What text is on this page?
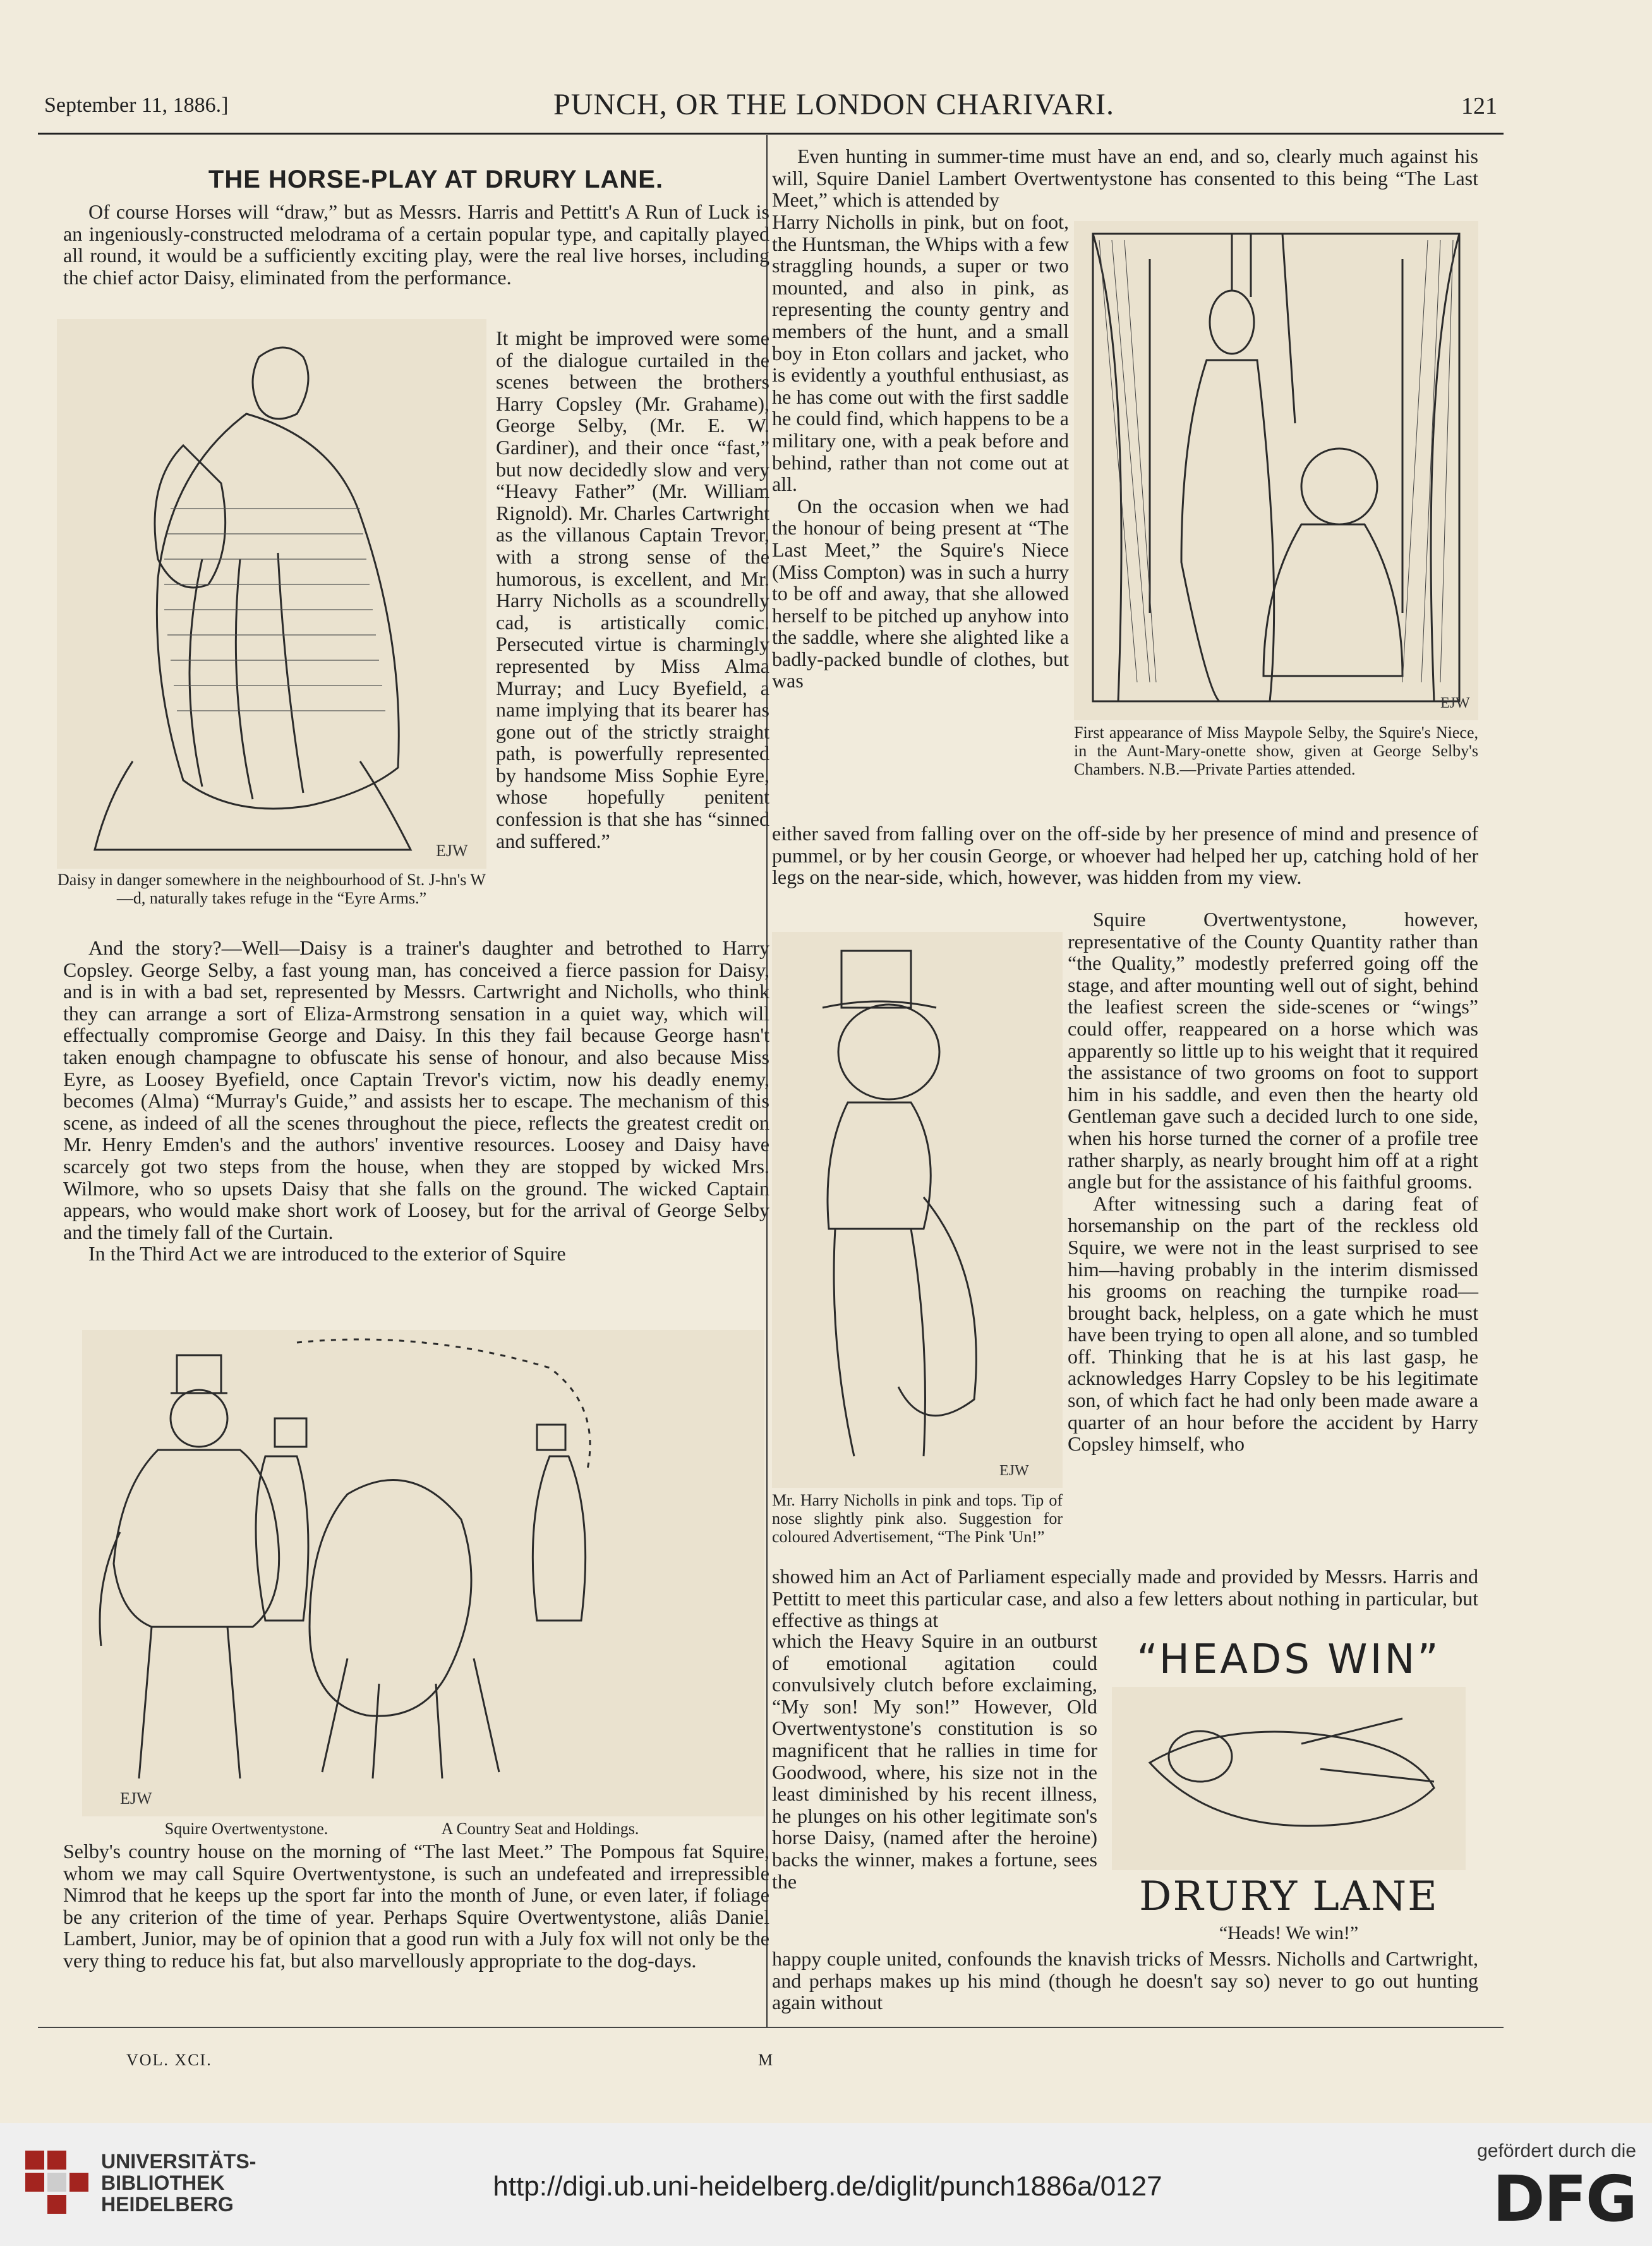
September 11, 1886.]	PUNCH, OR THE LONDON CHARIVARI.	121
THE HORSE-PLAY AT DRURY LANE.

Of course Horses will “draw,” but as Messrs. Harris and Pettitt's A Run of Luck is an ingeniously-constructed melodrama of a certain popular type, and capitally played all round, it would be a sufficiently exciting play, were the real live horses, including the chief actor Daisy, eliminated from the performance.

EJW

It might be improved were some of the dialogue curtailed in the scenes between the brothers Harry Copsley (Mr. Grahame), George Selby, (Mr. E. W. Gardiner), and their once “fast,” but now decidedly slow and very “Heavy Father” (Mr. William Rignold). Mr. Charles Cartwright as the villanous Captain Trevor, with a strong sense of the humorous, is excellent, and Mr. Harry Nicholls as a scoundrelly cad, is artistically comic. Persecuted virtue is charmingly represented by Miss Alma Murray; and Lucy Byefield, a name implying that its bearer has gone out of the strictly straight path, is powerfully represented by handsome Miss Sophie Eyre, whose hopefully penitent confession is that she has “sinned and suffered.”

Daisy in danger somewhere in the neighbourhood of St. J-hn's W—d, naturally takes refuge in the “Eyre Arms.”

And the story?—Well—Daisy is a trainer's daughter and betrothed to Harry Copsley. George Selby, a fast young man, has conceived a fierce passion for Daisy, and is in with a bad set, represented by Messrs. Cartwright and Nicholls, who think they can arrange a sort of Eliza-Armstrong sensation in a quiet way, which will effectually compromise George and Daisy. In this they fail because George hasn't taken enough champagne to obfuscate his sense of honour, and also because Miss Eyre, as Loosey Byefield, once Captain Trevor's victim, now his deadly enemy, becomes (Alma) “Murray's Guide,” and assists her to escape. The mechanism of this scene, as indeed of all the scenes throughout the piece, reflects the greatest credit on Mr. Henry Emden's and the authors' inventive resources. Loosey and Daisy have scarcely got two steps from the house, when they are stopped by wicked Mrs. Wilmore, who so upsets Daisy that she falls on the ground. The wicked Captain appears, who would make short work of Loosey, but for the arrival of George Selby and the timely fall of the Curtain.

In the Third Act we are introduced to the exterior of Squire

EJW
Squire Overtwentystone.	A Country Seat and Holdings.

Selby's country house on the morning of “The last Meet.” The Pompous fat Squire, whom we may call Squire Overtwentystone, is such an undefeated and irrepressible Nimrod that he keeps up the sport far into the month of June, or even later, if foliage be any criterion of the time of year. Perhaps Squire Overtwentystone, aliâs Daniel Lambert, Junior, may be of opinion that a good run with a July fox will not only be the very thing to reduce his fat, but also marvellously appropriate to the dog-days.

Even hunting in summer-time must have an end, and so, clearly much against his will, Squire Daniel Lambert Overtwentystone has consented to this being “The Last Meet,” which is attended by

Harry Nicholls in pink, but on foot, the Huntsman, the Whips with a few straggling hounds, a super or two mounted, and also in pink, as representing the county gentry and members of the hunt, and a small boy in Eton collars and jacket, who is evidently a youthful enthusiast, as he has come out with the first saddle he could find, which happens to be a military one, with a peak before and behind, rather than not come out at all.

On the occasion when we had the honour of being present at “The Last Meet,” the Squire's Niece (Miss Compton) was in such a hurry to be off and away, that she allowed herself to be pitched up anyhow into the saddle, where she alighted like a badly-packed bundle of clothes, but was

EJW
First appearance of Miss Maypole Selby, the Squire's Niece, in the Aunt-Mary-onette show, given at George Selby's Chambers. N.B.—Private Parties attended.

either saved from falling over on the off-side by her presence of mind and presence of pummel, or by her cousin George, or whoever had helped her up, catching hold of her legs on the near-side, which, however, was hidden from my view.

EJW

Squire Overtwentystone, however, representative of the County Quantity rather than “the Quality,” modestly preferred going off the stage, and after mounting well out of sight, behind the leafiest screen the side-scenes or “wings” could offer, reappeared on a horse which was apparently so little up to his weight that it required the assistance of two grooms on foot to support him in his saddle, and even then the hearty old Gentleman gave such a decided lurch to one side, when his horse turned the corner of a profile tree rather sharply, as nearly brought him off at a right angle but for the assistance of his faithful grooms.

After witnessing such a daring feat of horsemanship on the part of the reckless old Squire, we were not in the least surprised to see him—having probably in the interim dismissed his grooms on reaching the turnpike road—brought back, helpless, on a gate which he must have been trying to open all alone, and so tumbled off. Thinking that he is at his last gasp, he acknowledges Harry Copsley to be his legitimate son, of which fact he had only been made aware a quarter of an hour before the accident by Harry Copsley himself, who

Mr. Harry Nicholls in pink and tops. Tip of nose slightly pink also. Suggestion for coloured Advertisement, “The Pink 'Un!”

showed him an Act of Parliament especially made and provided by Messrs. Harris and Pettitt to meet this particular case, and also a few letters about nothing in particular, but effective as things at

which the Heavy Squire in an outburst of emotional agitation could convulsively clutch before exclaiming, “My son! My son!” However, Old Overtwentystone's constitution is so magnificent that he rallies in time for Goodwood, where, his size not in the least diminished by his recent illness, he plunges on his other legitimate son's horse Daisy, (named after the heroine) backs the winner, makes a fortune, sees the

“HEADS WIN”
DRURY LANE
“Heads! We win!”

happy couple united, confounds the knavish tricks of Messrs. Nicholls and Cartwright, and perhaps makes up his mind (though he doesn't say so) never to go out hunting again without

VOL. XCI.	M
UNIVERSITÄTS-
BIBLIOTHEK
HEIDELBERG
http://digi.ub.uni-heidelberg.de/diglit/punch1886a/0127
gefördert durch die
DFG
